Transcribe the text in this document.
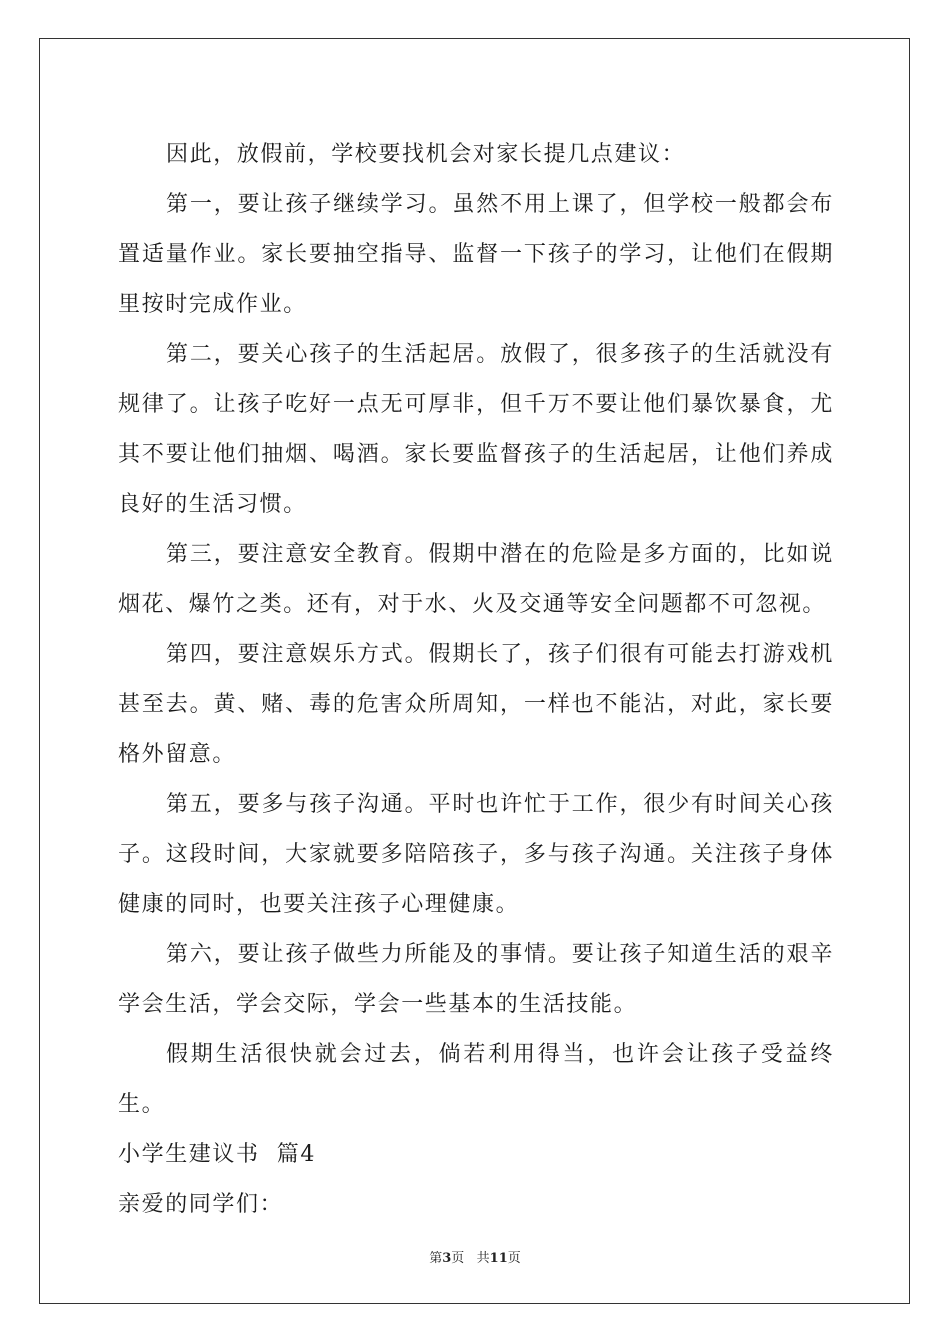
因此，放假前，学校要找机会对家长提几点建议：

第一，要让孩子继续学习。虽然不用上课了，但学校一般都会布置适量作业。家长要抽空指导、监督一下孩子的学习，让他们在假期里按时完成作业。

第二，要关心孩子的生活起居。放假了，很多孩子的生活就没有规律了。让孩子吃好一点无可厚非，但千万不要让他们暴饮暴食，尤其不要让他们抽烟、喝酒。家长要监督孩子的生活起居，让他们养成良好的生活习惯。

第三，要注意安全教育。假期中潜在的危险是多方面的，比如说烟花、爆竹之类。还有，对于水、火及交通等安全问题都不可忽视。

第四，要注意娱乐方式。假期长了，孩子们很有可能去打游戏机甚至去。黄、赌、毒的危害众所周知，一样也不能沾，对此，家长要格外留意。

第五，要多与孩子沟通。平时也许忙于工作，很少有时间关心孩子。这段时间，大家就要多陪陪孩子，多与孩子沟通。关注孩子身体健康的同时，也要关注孩子心理健康。

第六，要让孩子做些力所能及的事情。要让孩子知道生活的艰辛学会生活，学会交际，学会一些基本的生活技能。

假期生活很快就会过去，倘若利用得当，也许会让孩子受益终生。

小学生建议书  篇4

亲爱的同学们：

第3页   共11页
